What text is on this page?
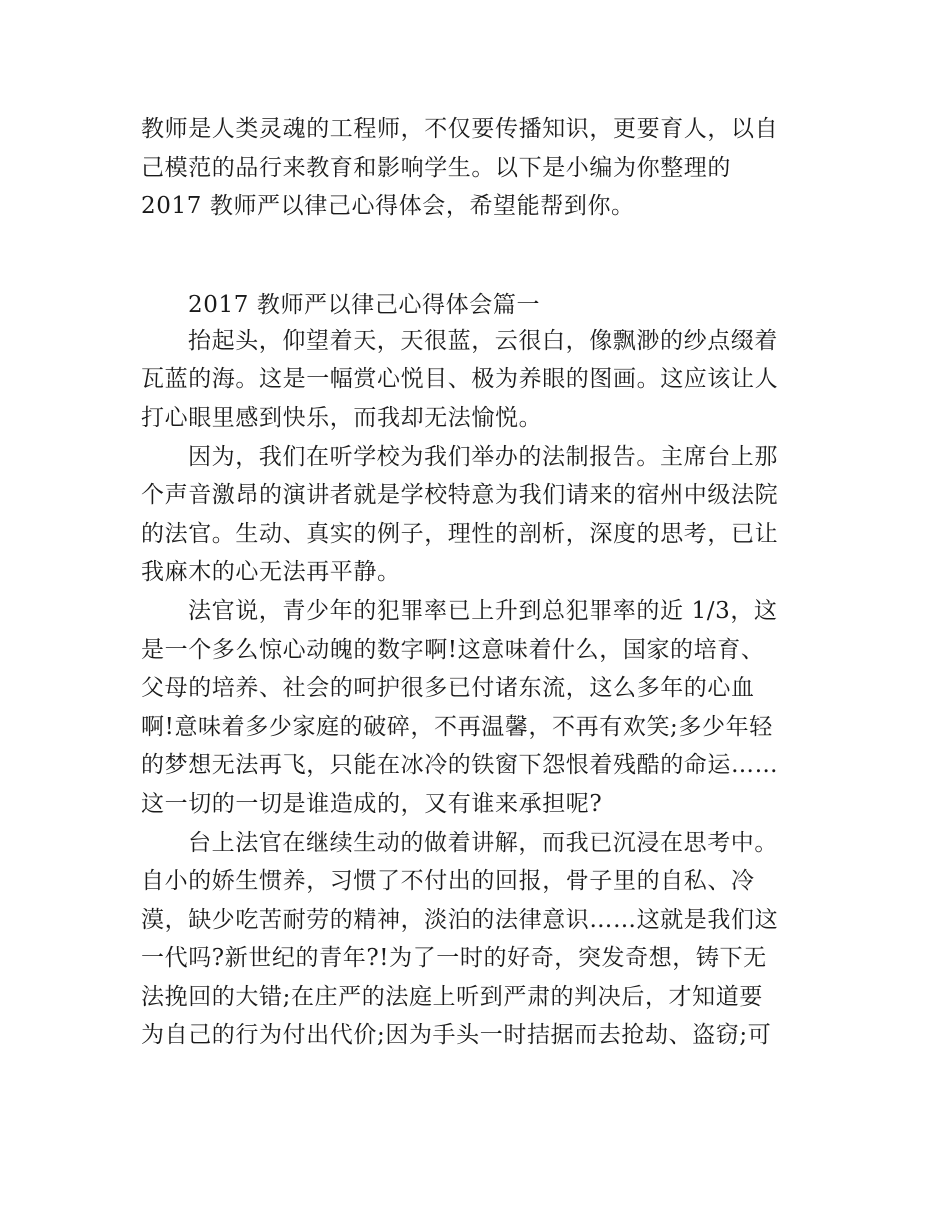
教师是人类灵魂的工程师，不仅要传播知识，更要育人，以自
己模范的品行来教育和影响学生。以下是小编为你整理的
2017 教师严以律己心得体会，希望能帮到你。
2017 教师严以律己心得体会篇一
抬起头，仰望着天，天很蓝，云很白，像飘渺的纱点缀着
瓦蓝的海。这是一幅赏心悦目、极为养眼的图画。这应该让人
打心眼里感到快乐，而我却无法愉悦。
因为，我们在听学校为我们举办的法制报告。主席台上那
个声音激昂的演讲者就是学校特意为我们请来的宿州中级法院
的法官。生动、真实的例子，理性的剖析，深度的思考，已让
我麻木的心无法再平静。
法官说，青少年的犯罪率已上升到总犯罪率的近 1/3，这
是一个多么惊心动魄的数字啊!这意味着什么，国家的培育、
父母的培养、社会的呵护很多已付诸东流，这么多年的心血
啊!意味着多少家庭的破碎，不再温馨，不再有欢笑;多少年轻
的梦想无法再飞，只能在冰冷的铁窗下怨恨着残酷的命运……
这一切的一切是谁造成的，又有谁来承担呢?
台上法官在继续生动的做着讲解，而我已沉浸在思考中。
自小的娇生惯养，习惯了不付出的回报，骨子里的自私、冷
漠，缺少吃苦耐劳的精神，淡泊的法律意识……这就是我们这
一代吗?新世纪的青年?!为了一时的好奇，突发奇想，铸下无
法挽回的大错;在庄严的法庭上听到严肃的判决后，才知道要
为自己的行为付出代价;因为手头一时拮据而去抢劫、盗窃;可
